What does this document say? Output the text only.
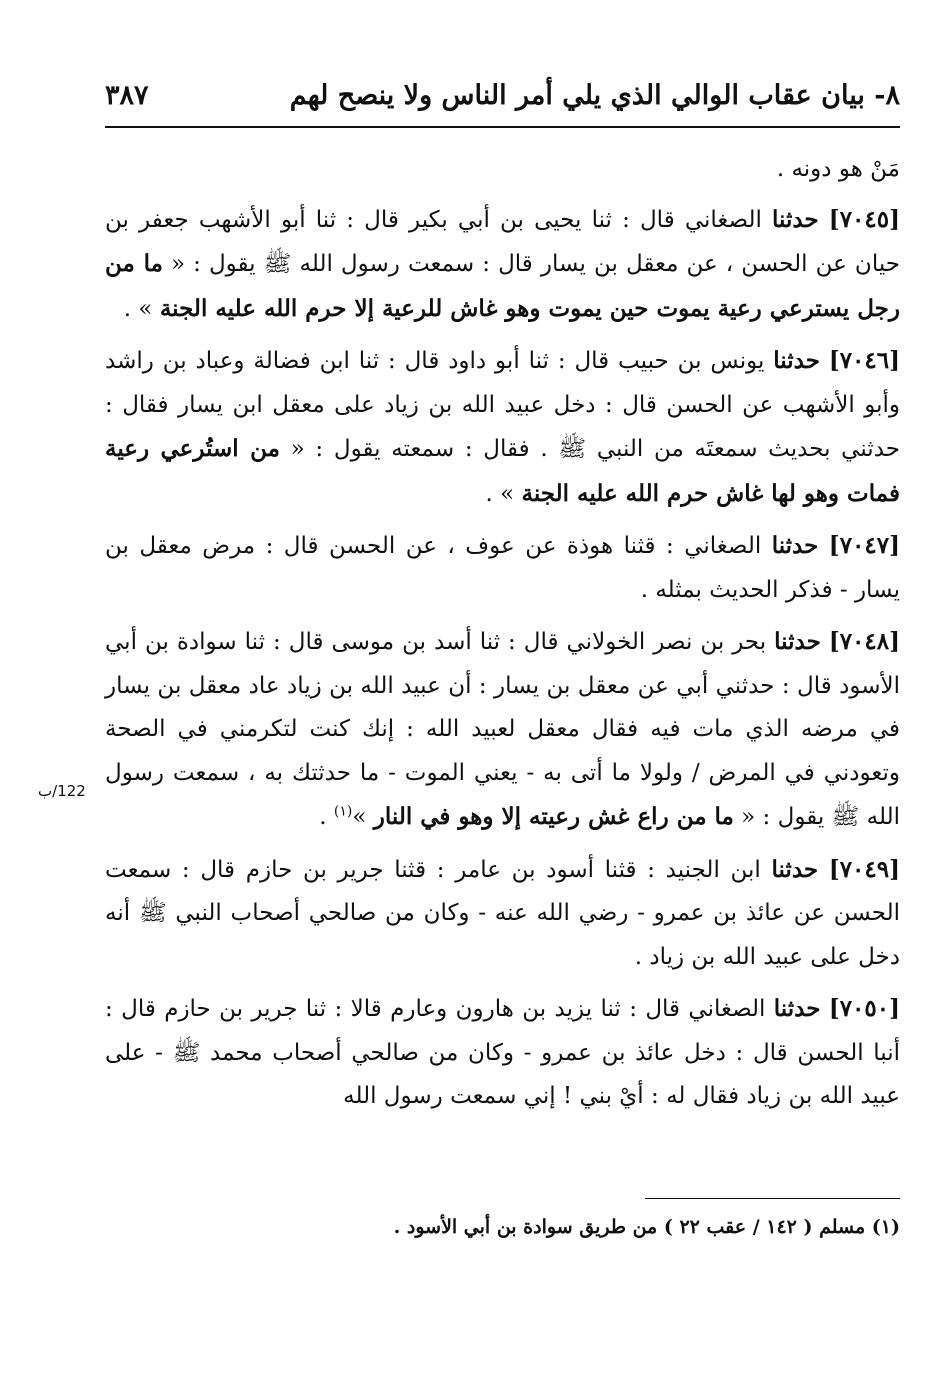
٨- بيان عقاب الوالي الذي يلي أمر الناس ولا ينصح لهم
٣٨٧

مَنْ هو دونه .

[٧٠٤٥] حدثنا الصغاني قال : ثنا يحيى بن أبي بكير قال : ثنا أبو الأشهب جعفر بن حيان عن الحسن ، عن معقل بن يسار قال : سمعت رسول الله ﷺ يقول : « ما من رجل يسترعي رعية يموت حين يموت وهو غاش للرعية إلا حرم الله عليه الجنة » .

[٧٠٤٦] حدثنا يونس بن حبيب قال : ثنا أبو داود قال : ثنا ابن فضالة وعباد بن راشد وأبو الأشهب عن الحسن قال : دخل عبيد الله بن زياد على معقل ابن يسار فقال : حدثني بحديث سمعتَه من النبي ﷺ . فقال : سمعته يقول : « من استُرعي رعية فمات وهو لها غاش حرم الله عليه الجنة » .

[٧٠٤٧] حدثنا الصغاني : قثنا هوذة عن عوف ، عن الحسن قال : مرض معقل بن يسار - فذكر الحديث بمثله .

[٧٠٤٨] حدثنا بحر بن نصر الخولاني قال : ثنا أسد بن موسى قال : ثنا سوادة بن أبي الأسود قال : حدثني أبي عن معقل بن يسار : أن عبيد الله بن زياد عاد معقل بن يسار في مرضه الذي مات فيه فقال معقل لعبيد الله : إنك كنت لتكرمني في الصحة وتعودني في المرض / ولولا ما أتى به - يعني الموت - ما حدثتك به ، سمعت رسول الله ﷺ يقول : « ما من راع غش رعيته إلا وهو في النار »$^{(١)}$ .

[٧٠٤٩] حدثنا ابن الجنيد : قثنا أسود بن عامر : قثنا جرير بن حازم قال : سمعت الحسن عن عائذ بن عمرو - رضي الله عنه - وكان من صالحي أصحاب النبي ﷺ أنه دخل على عبيد الله بن زياد .

[٧٠٥٠] حدثنا الصغاني قال : ثنا يزيد بن هارون وعارم قالا : ثنا جرير بن حازم قال : أنبا الحسن قال : دخل عائذ بن عمرو - وكان من صالحي أصحاب محمد ﷺ - على عبيد الله بن زياد فقال له : أيْ بني ! إني سمعت رسول الله

122/ب
(١) مسلم ( ١٤٢ / عقب ٢٢ ) من طريق سوادة بن أبي الأسود .
